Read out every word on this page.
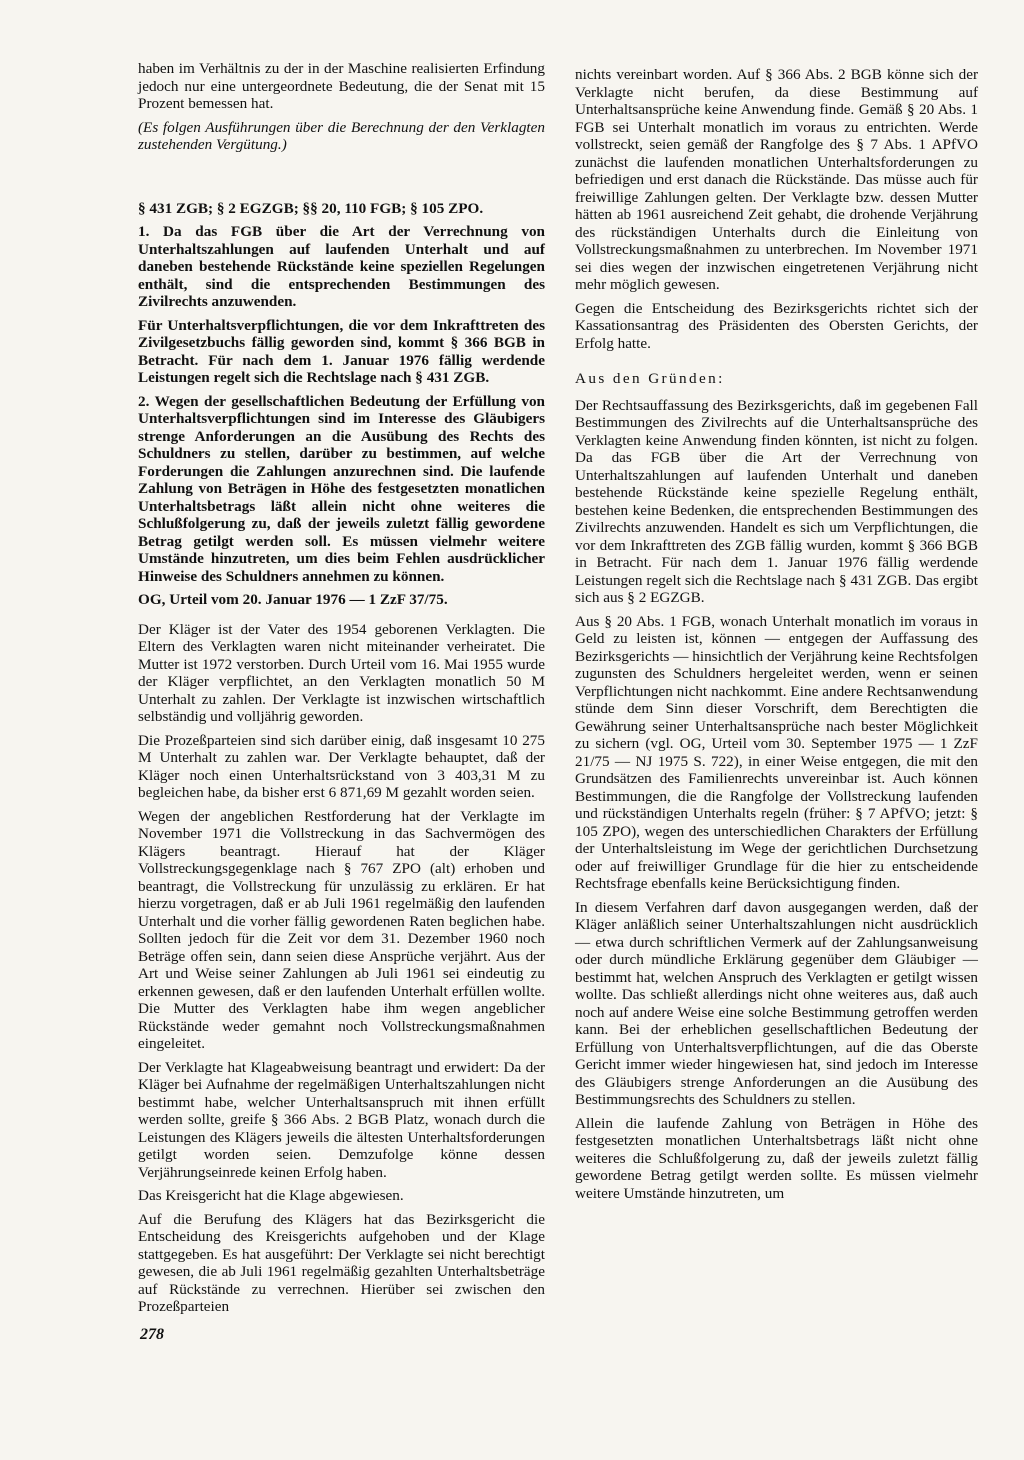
haben im Verhältnis zu der in der Maschine realisierten Erfindung jedoch nur eine untergeordnete Bedeutung, die der Senat mit 15 Prozent bemessen hat.

(Es folgen Ausführungen über die Berechnung der den Verklagten zustehenden Vergütung.)

§ 431 ZGB; § 2 EGZGB; §§ 20, 110 FGB; § 105 ZPO.

1. Da das FGB über die Art der Verrechnung von Unterhaltszahlungen auf laufenden Unterhalt und auf daneben bestehende Rückstände keine speziellen Regelungen enthält, sind die entsprechenden Bestimmungen des Zivilrechts anzuwenden.

Für Unterhaltsverpflichtungen, die vor dem Inkrafttreten des Zivilgesetzbuchs fällig geworden sind, kommt § 366 BGB in Betracht. Für nach dem 1. Januar 1976 fällig werdende Leistungen regelt sich die Rechtslage nach § 431 ZGB.

2. Wegen der gesellschaftlichen Bedeutung der Erfüllung von Unterhaltsverpflichtungen sind im Interesse des Gläubigers strenge Anforderungen an die Ausübung des Rechts des Schuldners zu stellen, darüber zu bestimmen, auf welche Forderungen die Zahlungen anzurechnen sind. Die laufende Zahlung von Beträgen in Höhe des festgesetzten monatlichen Unterhaltsbetrags läßt allein nicht ohne weiteres die Schlußfolgerung zu, daß der jeweils zuletzt fällig gewordene Betrag getilgt werden soll. Es müssen vielmehr weitere Umstände hinzutreten, um dies beim Fehlen ausdrücklicher Hinweise des Schuldners annehmen zu können.

OG, Urteil vom 20. Januar 1976 — 1 ZzF 37/75.

Der Kläger ist der Vater des 1954 geborenen Verklagten. Die Eltern des Verklagten waren nicht miteinander verheiratet. Die Mutter ist 1972 verstorben. Durch Urteil vom 16. Mai 1955 wurde der Kläger verpflichtet, an den Verklagten monatlich 50 M Unterhalt zu zahlen. Der Verklagte ist inzwischen wirtschaftlich selbständig und volljährig geworden.

Die Prozeßparteien sind sich darüber einig, daß insgesamt 10 275 M Unterhalt zu zahlen war. Der Verklagte behauptet, daß der Kläger noch einen Unterhaltsrückstand von 3 403,31 M zu begleichen habe, da bisher erst 6 871,69 M gezahlt worden seien.

Wegen der angeblichen Restforderung hat der Verklagte im November 1971 die Vollstreckung in das Sachvermögen des Klägers beantragt. Hierauf hat der Kläger Vollstreckungsgegenklage nach § 767 ZPO (alt) erhoben und beantragt, die Vollstreckung für unzulässig zu erklären. Er hat hierzu vorgetragen, daß er ab Juli 1961 regelmäßig den laufenden Unterhalt und die vorher fällig gewordenen Raten beglichen habe. Sollten jedoch für die Zeit vor dem 31. Dezember 1960 noch Beträge offen sein, dann seien diese Ansprüche verjährt. Aus der Art und Weise seiner Zahlungen ab Juli 1961 sei eindeutig zu erkennen gewesen, daß er den laufenden Unterhalt erfüllen wollte. Die Mutter des Verklagten habe ihm wegen angeblicher Rückstände weder gemahnt noch Vollstreckungsmaßnahmen eingeleitet.

Der Verklagte hat Klageabweisung beantragt und erwidert: Da der Kläger bei Aufnahme der regelmäßigen Unterhaltszahlungen nicht bestimmt habe, welcher Unterhaltsanspruch mit ihnen erfüllt werden sollte, greife § 366 Abs. 2 BGB Platz, wonach durch die Leistungen des Klägers jeweils die ältesten Unterhaltsforderungen getilgt worden seien. Demzufolge könne dessen Verjährungseinrede keinen Erfolg haben.

Das Kreisgericht hat die Klage abgewiesen.

Auf die Berufung des Klägers hat das Bezirksgericht die Entscheidung des Kreisgerichts aufgehoben und der Klage stattgegeben. Es hat ausgeführt: Der Verklagte sei nicht berechtigt gewesen, die ab Juli 1961 regelmäßig gezahlten Unterhaltsbeträge auf Rückstände zu verrechnen. Hierüber sei zwischen den Prozeßparteien

nichts vereinbart worden. Auf § 366 Abs. 2 BGB könne sich der Verklagte nicht berufen, da diese Bestimmung auf Unterhaltsansprüche keine Anwendung finde. Gemäß § 20 Abs. 1 FGB sei Unterhalt monatlich im voraus zu entrichten. Werde vollstreckt, seien gemäß der Rangfolge des § 7 Abs. 1 APfVO zunächst die laufenden monatlichen Unterhaltsforderungen zu befriedigen und erst danach die Rückstände. Das müsse auch für freiwillige Zahlungen gelten. Der Verklagte bzw. dessen Mutter hätten ab 1961 ausreichend Zeit gehabt, die drohende Verjährung des rückständigen Unterhalts durch die Einleitung von Vollstreckungsmaßnahmen zu unterbrechen. Im November 1971 sei dies wegen der inzwischen eingetretenen Verjährung nicht mehr möglich gewesen.

Gegen die Entscheidung des Bezirksgerichts richtet sich der Kassationsantrag des Präsidenten des Obersten Gerichts, der Erfolg hatte.

Aus den Gründen:

Der Rechtsauffassung des Bezirksgerichts, daß im gegebenen Fall Bestimmungen des Zivilrechts auf die Unterhaltsansprüche des Verklagten keine Anwendung finden könnten, ist nicht zu folgen. Da das FGB über die Art der Verrechnung von Unterhaltszahlungen auf laufenden Unterhalt und daneben bestehende Rückstände keine spezielle Regelung enthält, bestehen keine Bedenken, die entsprechenden Bestimmungen des Zivilrechts anzuwenden. Handelt es sich um Verpflichtungen, die vor dem Inkrafttreten des ZGB fällig wurden, kommt § 366 BGB in Betracht. Für nach dem 1. Januar 1976 fällig werdende Leistungen regelt sich die Rechtslage nach § 431 ZGB. Das ergibt sich aus § 2 EGZGB.

Aus § 20 Abs. 1 FGB, wonach Unterhalt monatlich im voraus in Geld zu leisten ist, können — entgegen der Auffassung des Bezirksgerichts — hinsichtlich der Verjährung keine Rechtsfolgen zugunsten des Schuldners hergeleitet werden, wenn er seinen Verpflichtungen nicht nachkommt. Eine andere Rechtsanwendung stünde dem Sinn dieser Vorschrift, dem Berechtigten die Gewährung seiner Unterhaltsansprüche nach bester Möglichkeit zu sichern (vgl. OG, Urteil vom 30. September 1975 — 1 ZzF 21/75 — NJ 1975 S. 722), in einer Weise entgegen, die mit den Grundsätzen des Familienrechts unvereinbar ist. Auch können Bestimmungen, die die Rangfolge der Vollstreckung laufenden und rückständigen Unterhalts regeln (früher: § 7 APfVO; jetzt: § 105 ZPO), wegen des unterschiedlichen Charakters der Erfüllung der Unterhaltsleistung im Wege der gerichtlichen Durchsetzung oder auf freiwilliger Grundlage für die hier zu entscheidende Rechtsfrage ebenfalls keine Berücksichtigung finden.

In diesem Verfahren darf davon ausgegangen werden, daß der Kläger anläßlich seiner Unterhaltszahlungen nicht ausdrücklich — etwa durch schriftlichen Vermerk auf der Zahlungsanweisung oder durch mündliche Erklärung gegenüber dem Gläubiger — bestimmt hat, welchen Anspruch des Verklagten er getilgt wissen wollte. Das schließt allerdings nicht ohne weiteres aus, daß auch noch auf andere Weise eine solche Bestimmung getroffen werden kann. Bei der erheblichen gesellschaftlichen Bedeutung der Erfüllung von Unterhaltsverpflichtungen, auf die das Oberste Gericht immer wieder hingewiesen hat, sind jedoch im Interesse des Gläubigers strenge Anforderungen an die Ausübung des Bestimmungsrechts des Schuldners zu stellen.

Allein die laufende Zahlung von Beträgen in Höhe des festgesetzten monatlichen Unterhaltsbetrags läßt nicht ohne weiteres die Schlußfolgerung zu, daß der jeweils zuletzt fällig gewordene Betrag getilgt werden sollte. Es müssen vielmehr weitere Umstände hinzutreten, um

278
